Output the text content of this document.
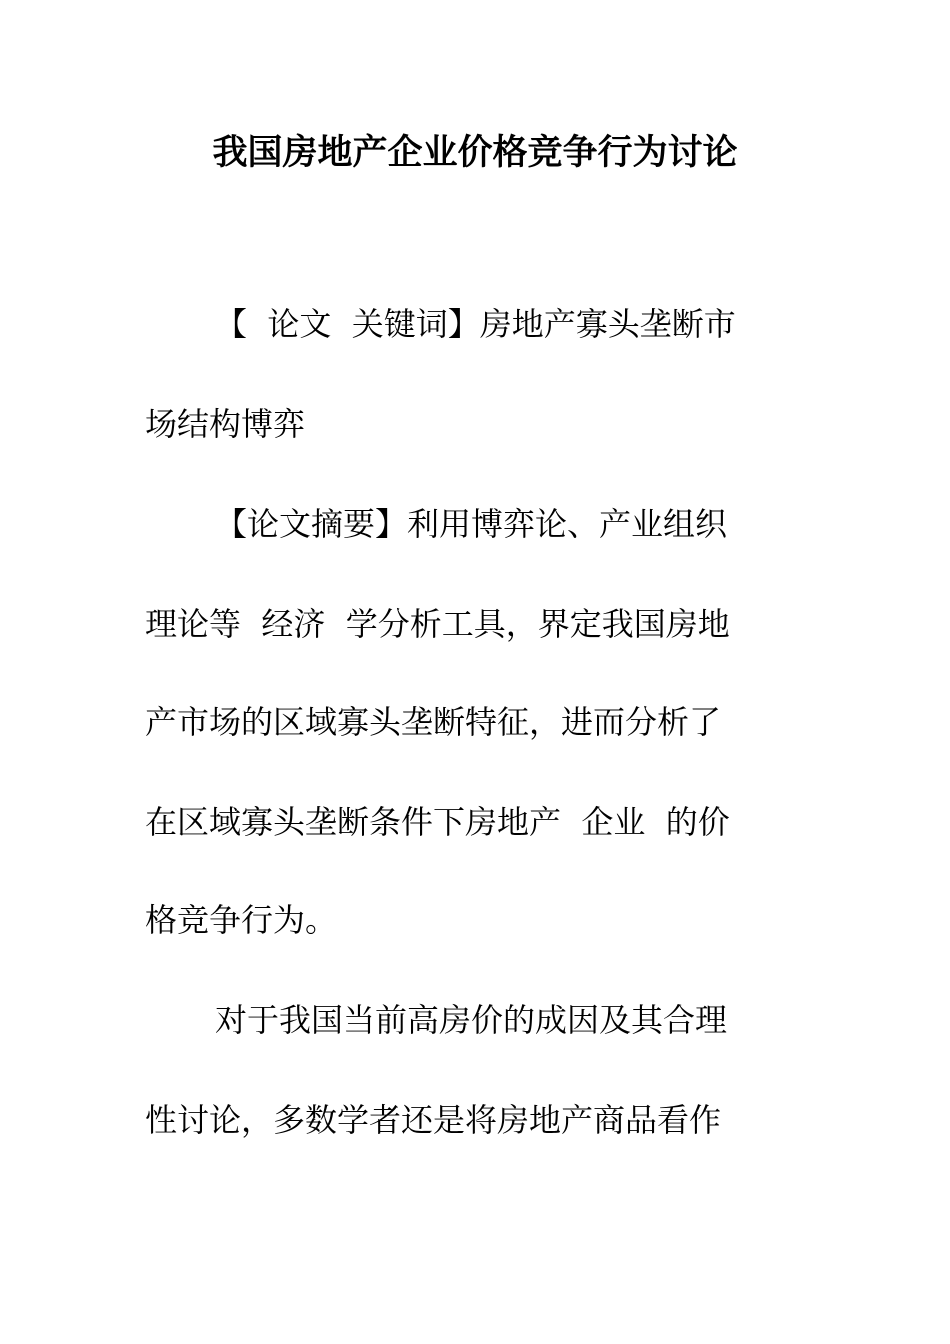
我国房地产企业价格竞争行为讨论
【  论文  关键词】房地产寡头垄断市
场结构博弈
【论文摘要】利用博弈论、产业组织
理论等  经济  学分析工具，界定我国房地
产市场的区域寡头垄断特征，进而分析了
在区域寡头垄断条件下房地产  企业  的价
格竞争行为。
对于我国当前高房价的成因及其合理
性讨论，多数学者还是将房地产商品看作
